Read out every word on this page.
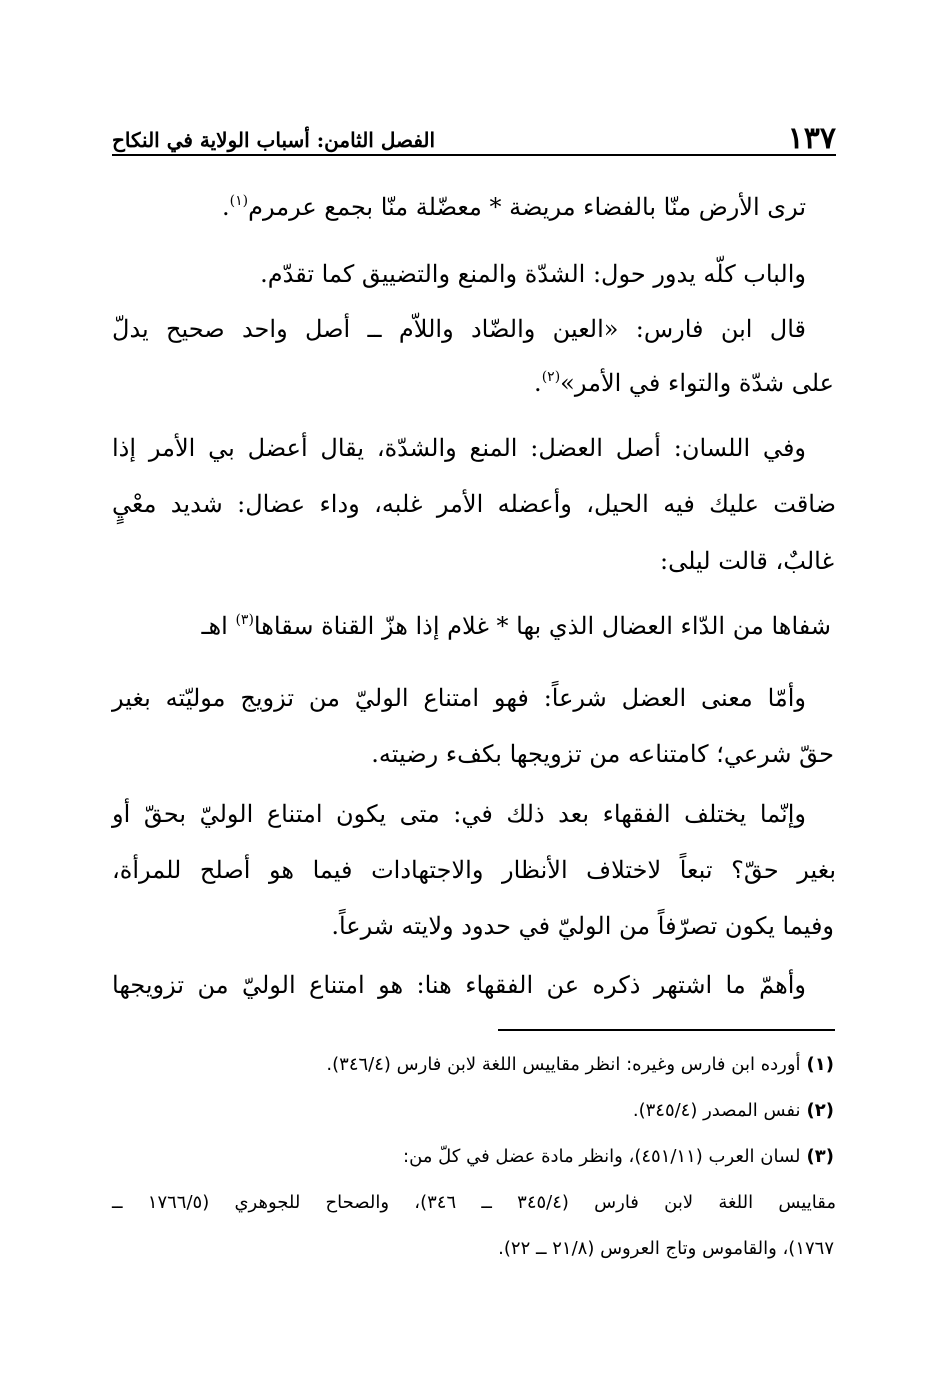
١٣٧
الفصل الثامن: أسباب الولاية في النكاح
ترى الأرض منّا بالفضاء مريضة * معضّلة منّا بجمع عرمرم$^{(١)}$.
والباب كلّه يدور حول: الشدّة والمنع والتضييق كما تقدّم.
قال ابن فارس: «العين والضّاد واللاّم ــ أصل واحد صحيح يدلّ
على شدّة والتواء في الأمر»$^{(٢)}$.
وفي اللسان: أصل العضل: المنع والشدّة، يقال أعضل بي الأمر إذا
ضاقت عليك فيه الحيل، وأعضله الأمر غلبه، وداء عضال: شديد معْيٍ
غالبٌ، قالت ليلى:
شفاها من الدّاء العضال الذي بها * غلام إذا هزّ القناة سقاها$^{(٣)}$ اهـ
وأمّا معنى العضل شرعاً: فهو امتناع الوليّ من تزويج موليّته بغير
حقّ شرعي؛ كامتناعه من تزويجها بكفء رضيته.
وإنّما يختلف الفقهاء بعد ذلك في: متى يكون امتناع الوليّ بحقّ أو
بغير حقّ؟ تبعاً لاختلاف الأنظار والاجتهادات فيما هو أصلح للمرأة،
وفيما يكون تصرّفاً من الوليّ في حدود ولايته شرعاً.
وأهمّ ما اشتهر ذكره عن الفقهاء هنا: هو امتناع الوليّ من تزويجها
(١)أورده ابن فارس وغيره: انظر مقاييس اللغة لابن فارس (٣٤٦/٤).
(٢)نفس المصدر (٣٤٥/٤).
(٣)لسان العرب (٤٥١/١١)، وانظر مادة عضل في كلّ من:
مقاييس اللغة لابن فارس (٣٤٥/٤ ــ ٣٤٦)، والصحاح للجوهري (١٧٦٦/٥ ــ
١٧٦٧)، والقاموس وتاج العروس (٢١/٨ ــ ٢٢).
